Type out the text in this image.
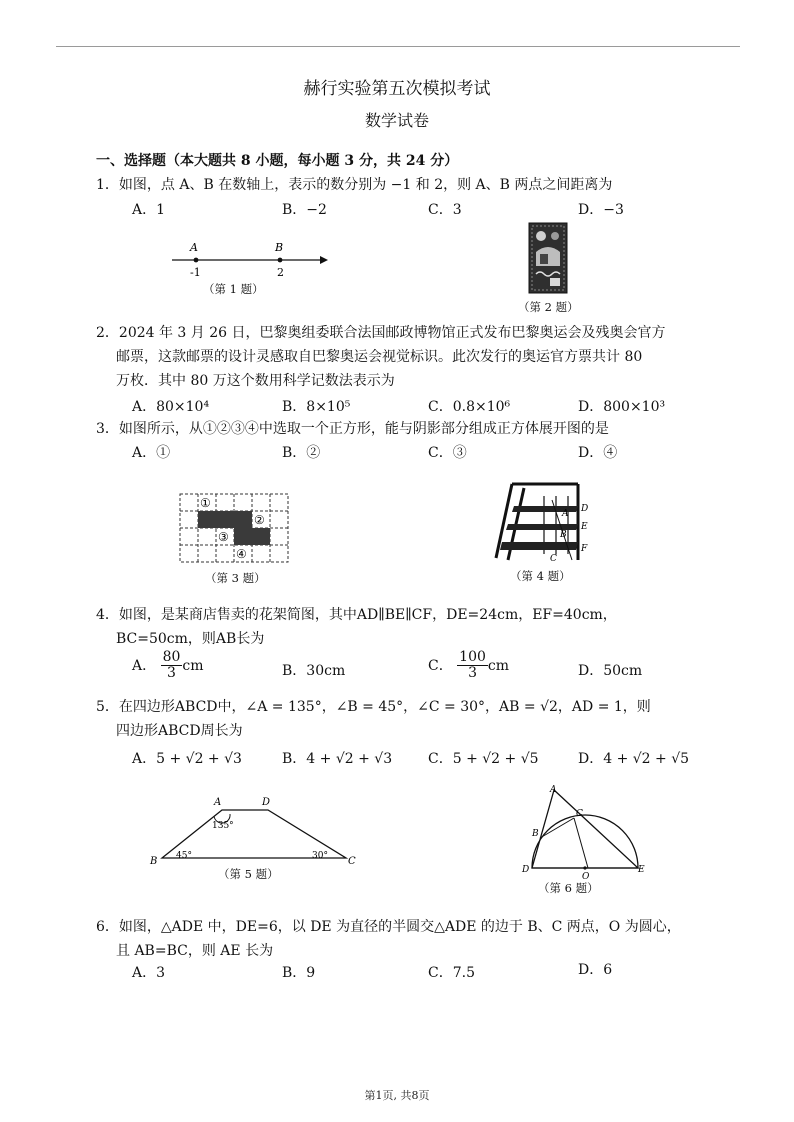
赫行实验第五次模拟考试
数学试卷
一、选择题（本大题共 8 小题，每小题 3 分，共 24 分）
1．如图，点 A、B 在数轴上，表示的数分别为 −1 和 2，则 A、B 两点之间距离为
A．1	B．−2	C．3	D．−3
A	B
-1	2
（第 1 题）
（第 2 题）
2．2024 年 3 月 26 日，巴黎奥组委联合法国邮政博物馆正式发布巴黎奥运会及残奥会官方
邮票，这款邮票的设计灵感取自巴黎奥运会视觉标识。此次发行的奥运官方票共计 80
万枚．其中 80 万这个数用科学记数法表示为
A．80×10⁴	B．8×10⁵	C．0.8×10⁶	D．800×10³
3．如图所示，从①②③④中选取一个正方形，能与阴影部分组成正方体展开图的是
A．①	B．②	C．③	D．④
①
②
③
④
（第 3 题）
D
E
F
A
B
C
（第 4 题）
4．如图，是某商店售卖的花架简图，其中AD∥BE∥CF，DE=24cm，EF=40cm，
BC=50cm，则AB长为
A． $\frac{80}{3}$ cm	B．30cm	C． $\frac{100}{3}$ cm	D．50cm
5．在四边形ABCD中，∠A = 135°，∠B = 45°，∠C = 30°，AB = √2，AD = 1，则
四边形ABCD周长为
A．5 + √2 + √3	B．4 + √2 + √3	C．5 + √2 + √5	D．4 + √2 + √5
A	D
B	C
135°
45°	30°
（第 5 题）
A
C
B
D
O
E
（第 6 题）
6．如图，△ADE 中，DE=6，以 DE 为直径的半圆交△ADE 的边于 B、C 两点，O 为圆心，
且 AB=BC，则 AE 长为
A．3	B．9	C．7.5	D．6
第1页, 共8页
